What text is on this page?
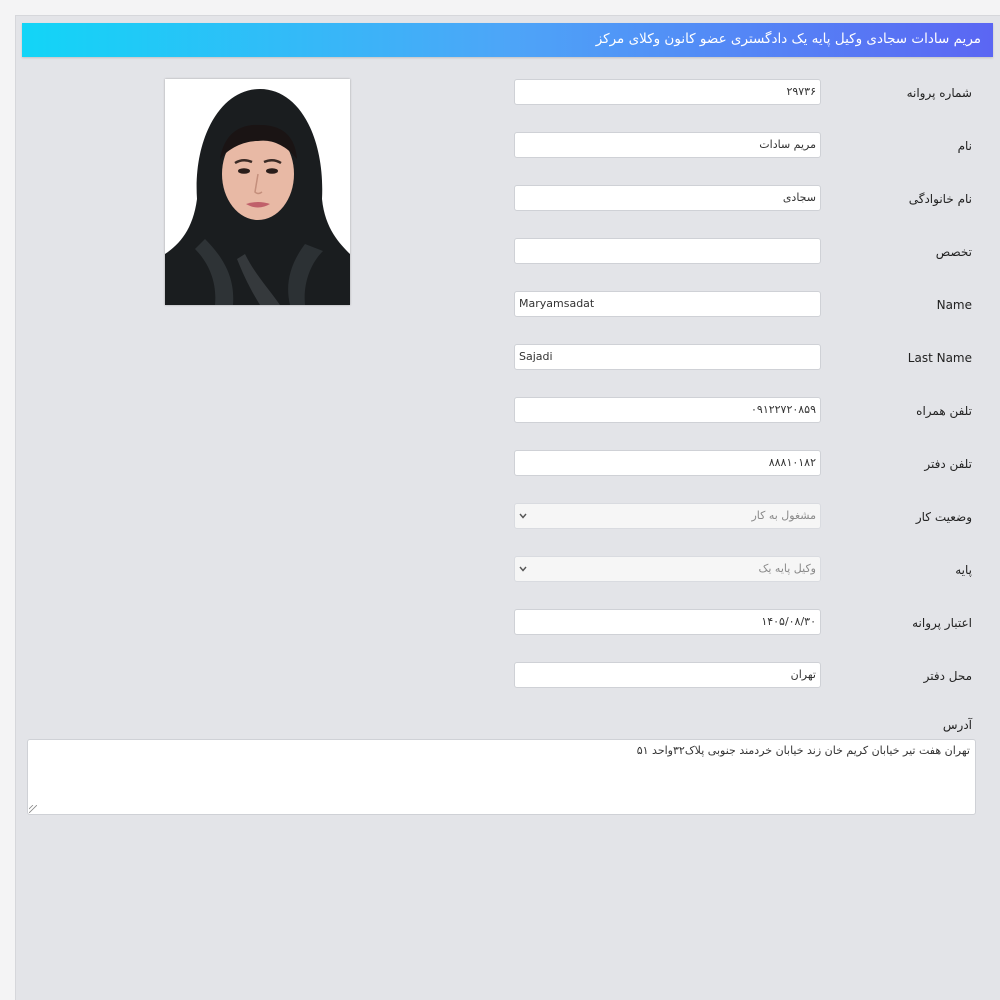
مریم سادات سجادی وکیل پایه یک دادگستری عضو کانون وکلای مرکز
شماره پروانه
۲۹۷۳۶
نام
مریم سادات
نام خانوادگی
سجادی
تخصص
Name
Maryamsadat
Last Name
Sajadi
تلفن همراه
۰۹۱۲۲۷۲۰۸۵۹
تلفن دفتر
۸۸۸۱۰۱۸۲
وضعیت کار
مشغول به کار
پایه
وکیل پایه یک
اعتبار پروانه
۱۴۰۵/۰۸/۳۰
محل دفتر
تهران
آدرس
تهران هفت تیر خیابان کریم خان زند خیابان خردمند جنوبی پلاک۳۲واحد ۵۱
